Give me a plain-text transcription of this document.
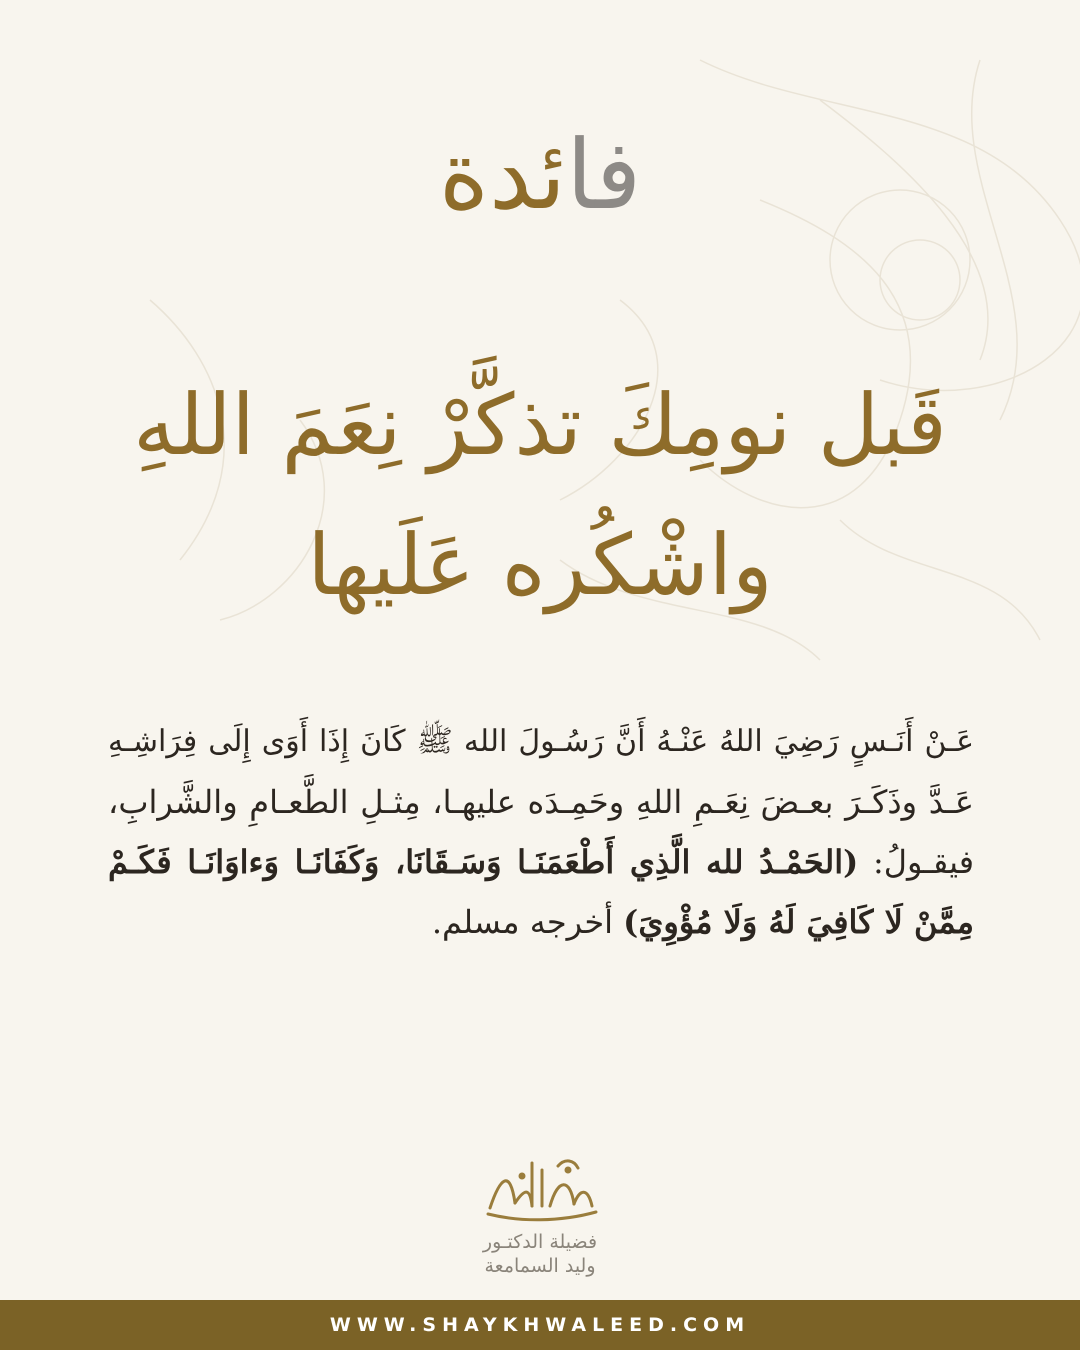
فائدة
قَبل نومِكَ تذكَّرْ نِعَمَ اللهِ
واشْكُره عَلَيها
عَـنْ أَنَـسٍ رَضِيَ اللهُ عَنْـهُ أَنَّ رَسُـولَ الله ﷺ كَانَ إِذَا أَوَى إِلَى فِرَاشِـهِ
عَـدَّ وذَكَـرَ بعـضَ نِعَـمِ اللهِ وحَمِـدَه عليهـا، مِثـلِ الطَّعـامِ والشَّرابِ،
فيقـولُ: (الحَمْـدُ لله الَّذِي أَطْعَمَنَـا وَسَـقَانَا، وَكَفَانَـا وَءاوَانَـا فَكَـمْ
مِمَّنْ لَا كَافِيَ لَهُ وَلَا مُؤْوِيَ) أخرجه مسلم.
فضيلة الدكتـور
وليد السمامعة
WWW.SHAYKHWALEED.COM
